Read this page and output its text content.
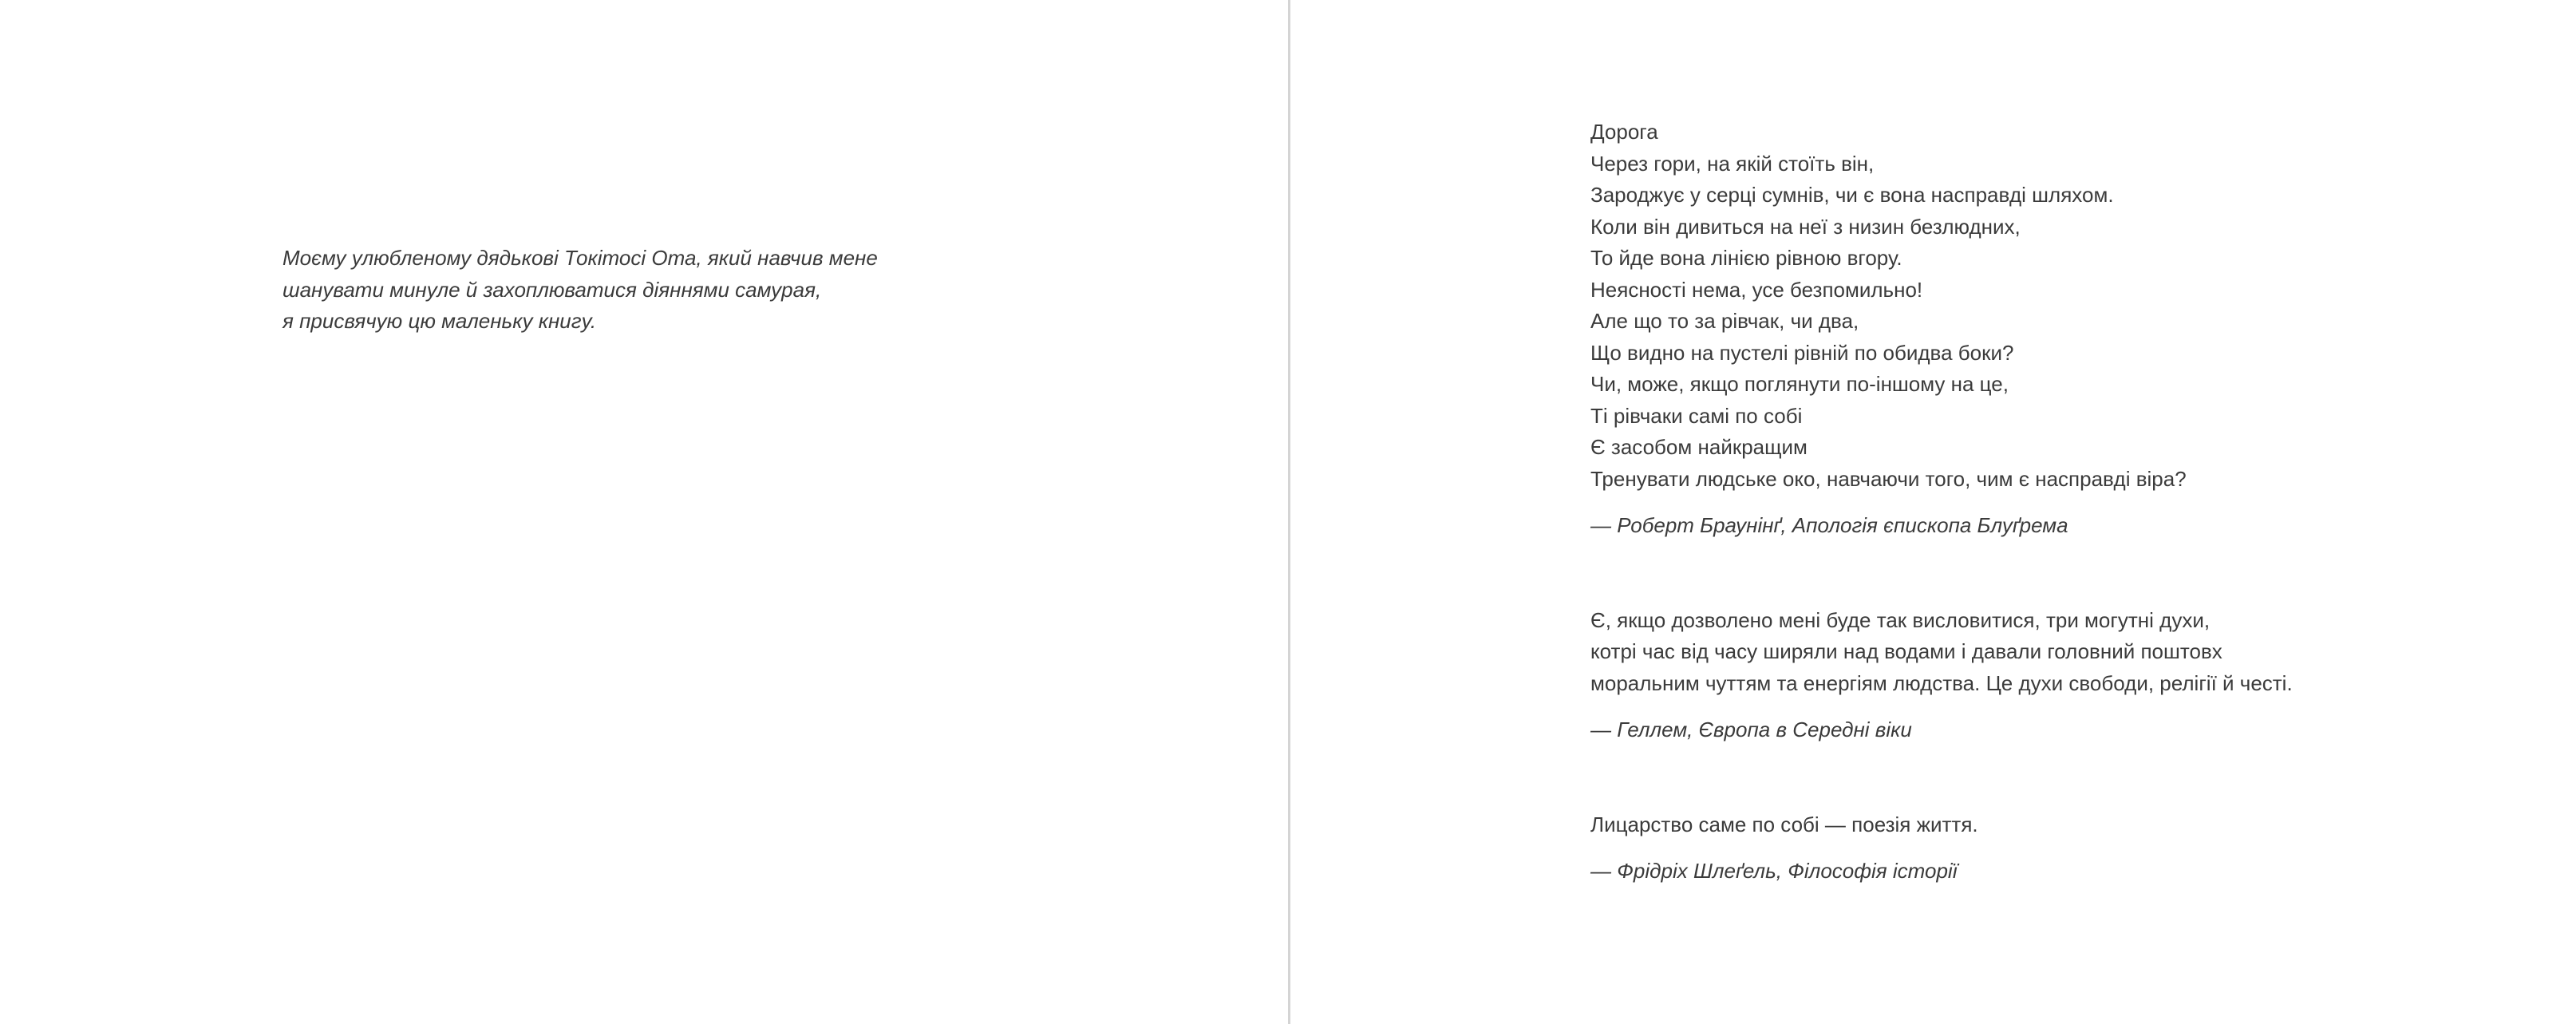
Моєму улюбленому дядькові Токітосі Ота, який навчив мене
шанувати минуле й захоплюватися діяннями самурая,
я присвячую цю маленьку книгу.
Дорога
Через гори, на якій стоїть він,
Зароджує у серці сумнів, чи є вона насправді шляхом.
Коли він дивиться на неї з низин безлюдних,
То йде вона лінією рівною вгору.
Неясності нема, усе безпомильно!
Але що то за рівчак, чи два,
Що видно на пустелі рівній по обидва боки?
Чи, може, якщо поглянути по-іншому на це,
Ті рівчаки самі по собі
Є засобом найкращим
Тренувати людське око, навчаючи того, чим є насправді віра?
— Роберт Браунінґ, Апологія єпископа Блуґрема
Є, якщо дозволено мені буде так висловитися, три могутні духи,
котрі час від часу ширяли над водами і давали головний поштовх
моральним чуттям та енергіям людства. Це духи свободи, релігії й честі.
— Геллем, Європа в Середні віки
Лицарство саме по собі — поезія життя.
— Фрідріх Шлеґель, Філософія історії
